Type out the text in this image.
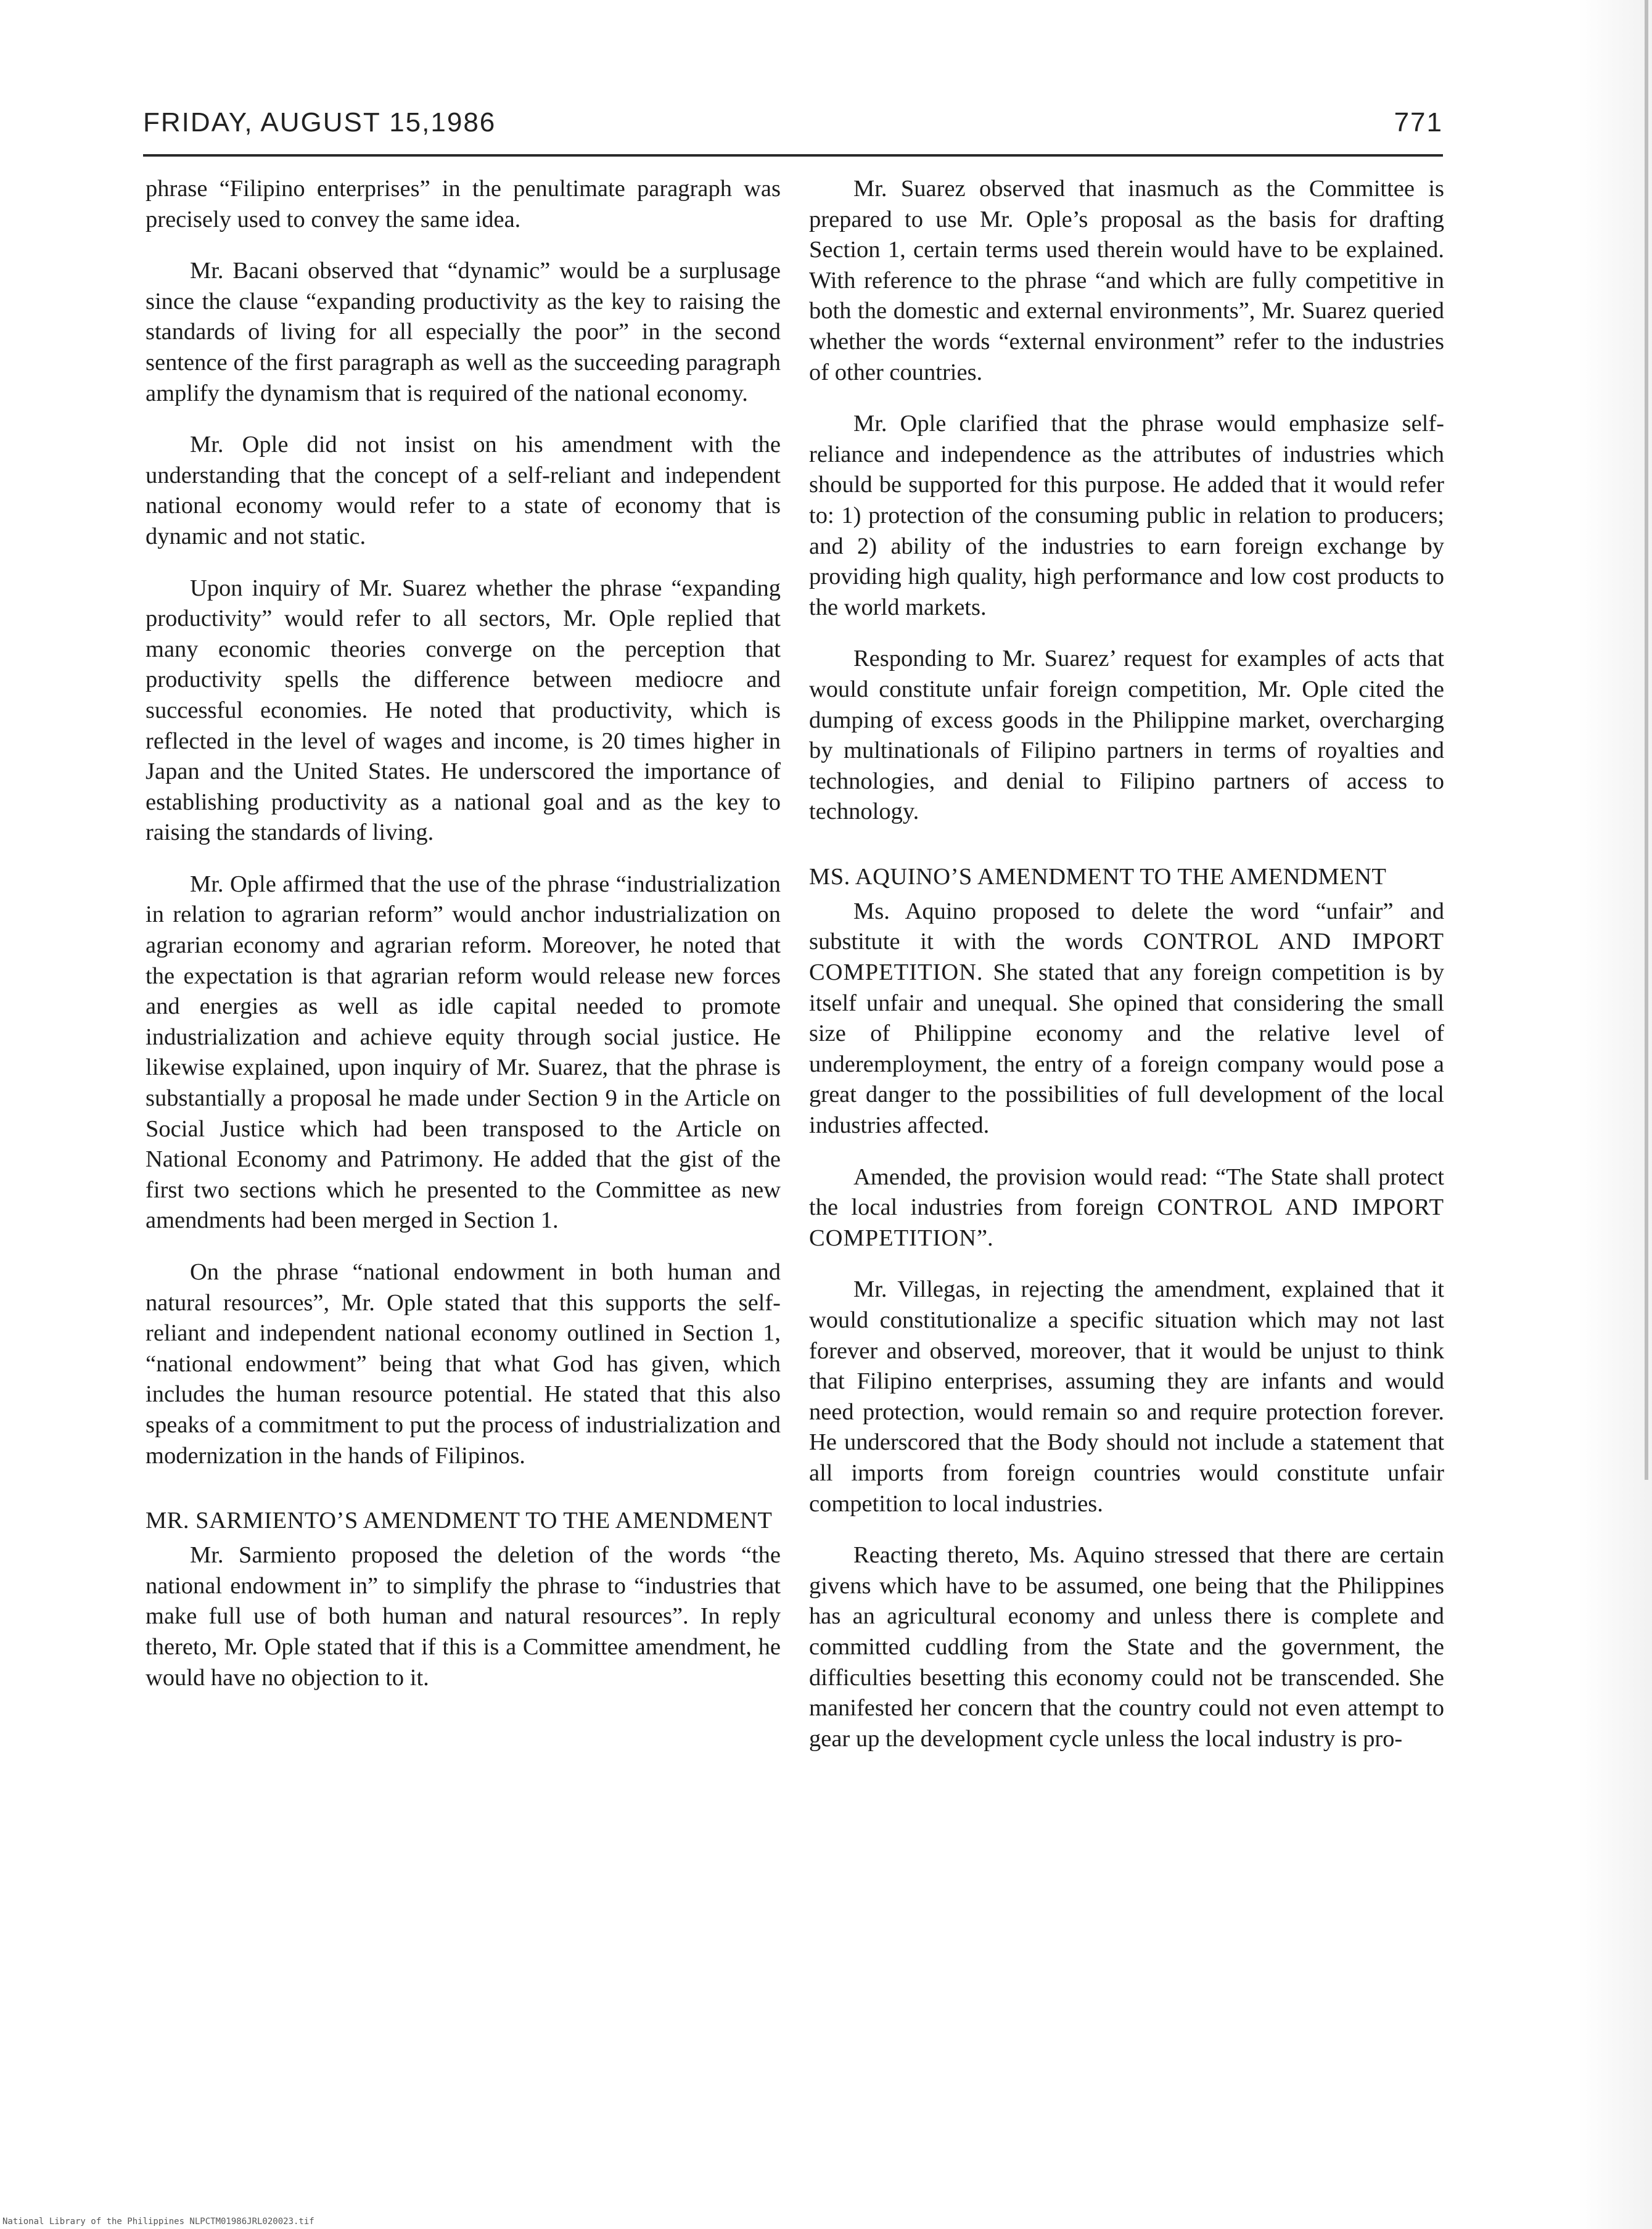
FRIDAY, AUGUST 15,1986	771

phrase “Filipino enterprises” in the penultimate paragraph was precisely used to convey the same idea.

Mr. Bacani observed that “dynamic” would be a surplusage since the clause “expanding productivity as the key to raising the standards of living for all especially the poor” in the second sentence of the first paragraph as well as the succeeding paragraph amplify the dynamism that is required of the national economy.

Mr. Ople did not insist on his amendment with the understanding that the concept of a self-reliant and independent national economy would refer to a state of economy that is dynamic and not static.

Upon inquiry of Mr. Suarez whether the phrase “expanding productivity” would refer to all sectors, Mr. Ople replied that many economic theories converge on the perception that productivity spells the difference between mediocre and successful economies. He noted that productivity, which is reflected in the level of wages and income, is 20 times higher in Japan and the United States. He underscored the importance of establishing productivity as a national goal and as the key to raising the standards of living.

Mr. Ople affirmed that the use of the phrase “industrialization in relation to agrarian reform” would anchor industrialization on agrarian economy and agrarian reform. Moreover, he noted that the expectation is that agrarian reform would release new forces and energies as well as idle capital needed to promote industrialization and achieve equity through social justice. He likewise explained, upon inquiry of Mr. Suarez, that the phrase is substantially a proposal he made under Section 9 in the Article on Social Justice which had been transposed to the Article on National Economy and Patrimony. He added that the gist of the first two sections which he presented to the Committee as new amendments had been merged in Section 1.

On the phrase “national endowment in both human and natural resources”, Mr. Ople stated that this supports the self-reliant and independent national economy outlined in Section 1, “national endowment” being that what God has given, which includes the human resource potential. He stated that this also speaks of a commitment to put the process of industrialization and modernization in the hands of Filipinos.

MR. SARMIENTO’S AMENDMENT TO THE AMENDMENT

Mr. Sarmiento proposed the deletion of the words “the national endowment in” to simplify the phrase to “industries that make full use of both human and natural resources”. In reply thereto, Mr. Ople stated that if this is a Committee amendment, he would have no objection to it.

Mr. Suarez observed that inasmuch as the Committee is prepared to use Mr. Ople’s proposal as the basis for drafting Section 1, certain terms used therein would have to be explained. With reference to the phrase “and which are fully competitive in both the domestic and external environments”, Mr. Suarez queried whether the words “external environment” refer to the industries of other countries.

Mr. Ople clarified that the phrase would emphasize self-reliance and independence as the attributes of industries which should be supported for this purpose. He added that it would refer to: 1) protection of the consuming public in relation to producers; and 2) ability of the industries to earn foreign exchange by providing high quality, high performance and low cost products to the world markets.

Responding to Mr. Suarez’ request for examples of acts that would constitute unfair foreign competition, Mr. Ople cited the dumping of excess goods in the Philippine market, overcharging by multinationals of Filipino partners in terms of royalties and technologies, and denial to Filipino partners of access to technology.

MS. AQUINO’S AMENDMENT TO THE AMENDMENT

Ms. Aquino proposed to delete the word “unfair” and substitute it with the words CONTROL AND IMPORT COMPETITION. She stated that any foreign competition is by itself unfair and unequal. She opined that considering the small size of Philippine economy and the relative level of underemployment, the entry of a foreign company would pose a great danger to the possibilities of full development of the local industries affected.

Amended, the provision would read: “The State shall protect the local industries from foreign CONTROL AND IMPORT COMPETITION”.

Mr. Villegas, in rejecting the amendment, explained that it would constitutionalize a specific situation which may not last forever and observed, moreover, that it would be unjust to think that Filipino enterprises, assuming they are infants and would need protection, would remain so and require protection forever. He underscored that the Body should not include a statement that all imports from foreign countries would constitute unfair competition to local industries.

Reacting thereto, Ms. Aquino stressed that there are certain givens which have to be assumed, one being that the Philippines has an agricultural economy and unless there is complete and committed cuddling from the State and the government, the difficulties besetting this economy could not be transcended. She manifested her concern that the country could not even attempt to gear up the development cycle unless the local industry is pro-

National Library of the Philippines NLPCTM01986JRL020023.tif
